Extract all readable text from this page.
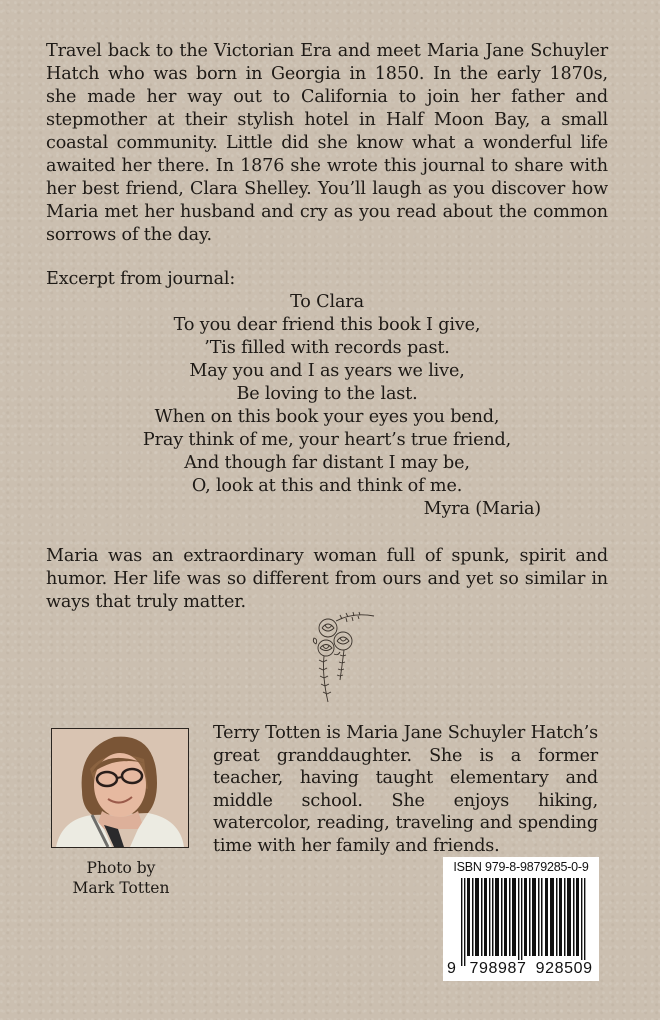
Travel back to the Victorian Era and meet Maria Jane Schuyler Hatch who was born in Georgia in 1850. In the early 1870s, she made her way out to California to join her father and stepmother at their stylish hotel in Half Moon Bay, a small coastal community. Little did she know what a wonderful life awaited her there. In 1876 she wrote this journal to share with her best friend, Clara Shelley. You’ll laugh as you discover how Maria met her husband and cry as you read about the common sorrows of the day.

Excerpt from journal:

To Clara
To you dear friend this book I give,
’Tis filled with records past.
May you and I as years we live,
Be loving to the last.
When on this book your eyes you bend,
Pray think of me, your heart’s true friend,
And though far distant I may be,
O, look at this and think of me.
Myra (Maria)

Maria was an extraordinary woman full of spunk, spirit and humor. Her life was so different from ours and yet so similar in ways that truly matter.

Photo by
Mark Totten

Terry Totten is Maria Jane Schuyler Hatch’s great granddaughter. She is a former teacher, having taught elementary and middle school. She enjoys hiking, watercolor, reading, traveling and spending time with her family and friends.

ISBN 979-8-9879285-0-9
9 798987 928509
